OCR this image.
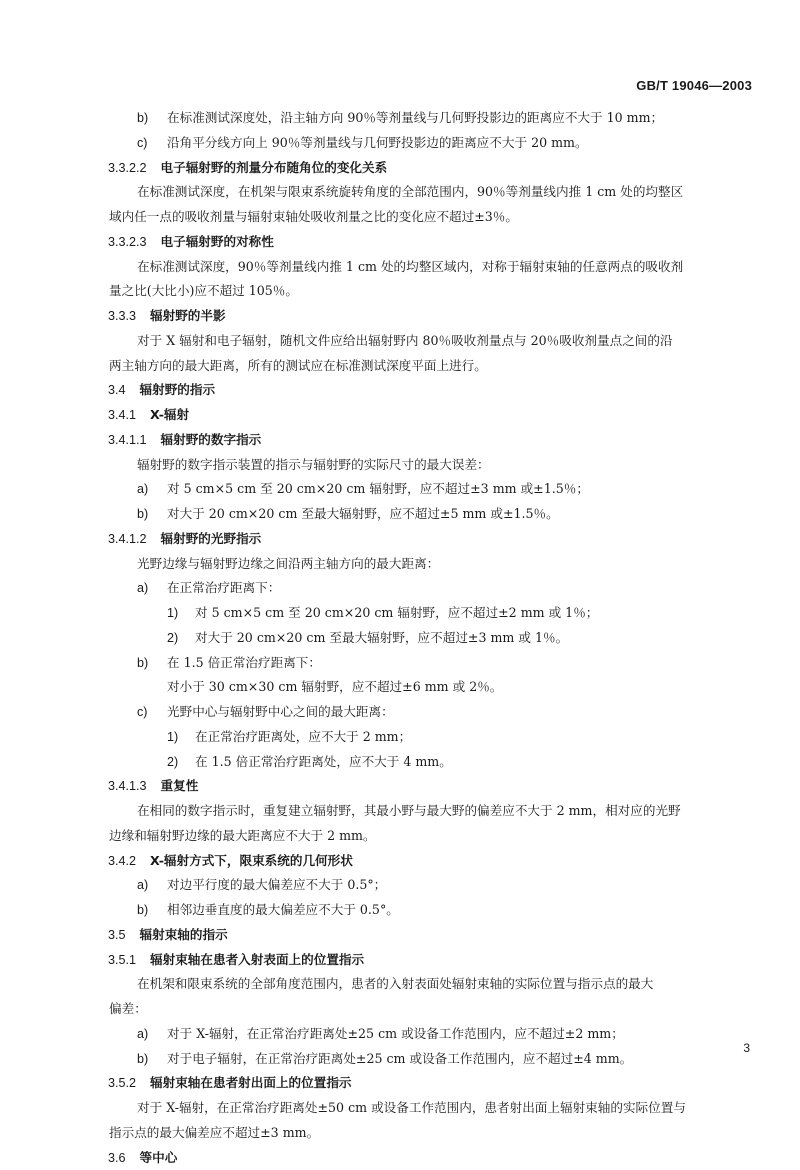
GB/T 19046—2003
b) 在标准测试深度处，沿主轴方向 90％等剂量线与几何野投影边的距离应不大于 10 mm；
c) 沿角平分线方向上 90％等剂量线与几何野投影边的距离应不大于 20 mm。
3.3.2.2 电子辐射野的剂量分布随角位的变化关系
在标准测试深度，在机架与限束系统旋转角度的全部范围内，90％等剂量线内推 1 cm 处的均整区
域内任一点的吸收剂量与辐射束轴处吸收剂量之比的变化应不超过±3％。
3.3.2.3 电子辐射野的对称性
在标准测试深度，90％等剂量线内推 1 cm 处的均整区域内，对称于辐射束轴的任意两点的吸收剂
量之比(大比小)应不超过 105％。
3.3.3 辐射野的半影
对于 X 辐射和电子辐射，随机文件应给出辐射野内 80％吸收剂量点与 20％吸收剂量点之间的沿
两主轴方向的最大距离，所有的测试应在标准测试深度平面上进行。
3.4 辐射野的指示
3.4.1 X-辐射
3.4.1.1 辐射野的数字指示
辐射野的数字指示装置的指示与辐射野的实际尺寸的最大误差：
a) 对 5 cm×5 cm 至 20 cm×20 cm 辐射野，应不超过±3 mm 或±1.5％；
b) 对大于 20 cm×20 cm 至最大辐射野，应不超过±5 mm 或±1.5％。
3.4.1.2 辐射野的光野指示
光野边缘与辐射野边缘之间沿两主轴方向的最大距离：
a) 在正常治疗距离下：
1) 对 5 cm×5 cm 至 20 cm×20 cm 辐射野，应不超过±2 mm 或 1％；
2) 对大于 20 cm×20 cm 至最大辐射野，应不超过±3 mm 或 1％。
b) 在 1.5 倍正常治疗距离下：
对小于 30 cm×30 cm 辐射野，应不超过±6 mm 或 2％。
c) 光野中心与辐射野中心之间的最大距离：
1) 在正常治疗距离处，应不大于 2 mm；
2) 在 1.5 倍正常治疗距离处，应不大于 4 mm。
3.4.1.3 重复性
在相同的数字指示时，重复建立辐射野，其最小野与最大野的偏差应不大于 2 mm，相对应的光野
边缘和辐射野边缘的最大距离应不大于 2 mm。
3.4.2 X-辐射方式下，限束系统的几何形状
a) 对边平行度的最大偏差应不大于 0.5°；
b) 相邻边垂直度的最大偏差应不大于 0.5°。
3.5 辐射束轴的指示
3.5.1 辐射束轴在患者入射表面上的位置指示
在机架和限束系统的全部角度范围内，患者的入射表面处辐射束轴的实际位置与指示点的最大
偏差：
a) 对于 X-辐射，在正常治疗距离处±25 cm 或设备工作范围内，应不超过±2 mm；
b) 对于电子辐射，在正常治疗距离处±25 cm 或设备工作范围内，应不超过±4 mm。
3.5.2 辐射束轴在患者射出面上的位置指示
对于 X-辐射，在正常治疗距离处±50 cm 或设备工作范围内，患者射出面上辐射束轴的实际位置与
指示点的最大偏差应不超过±3 mm。
3.6 等中心
3
